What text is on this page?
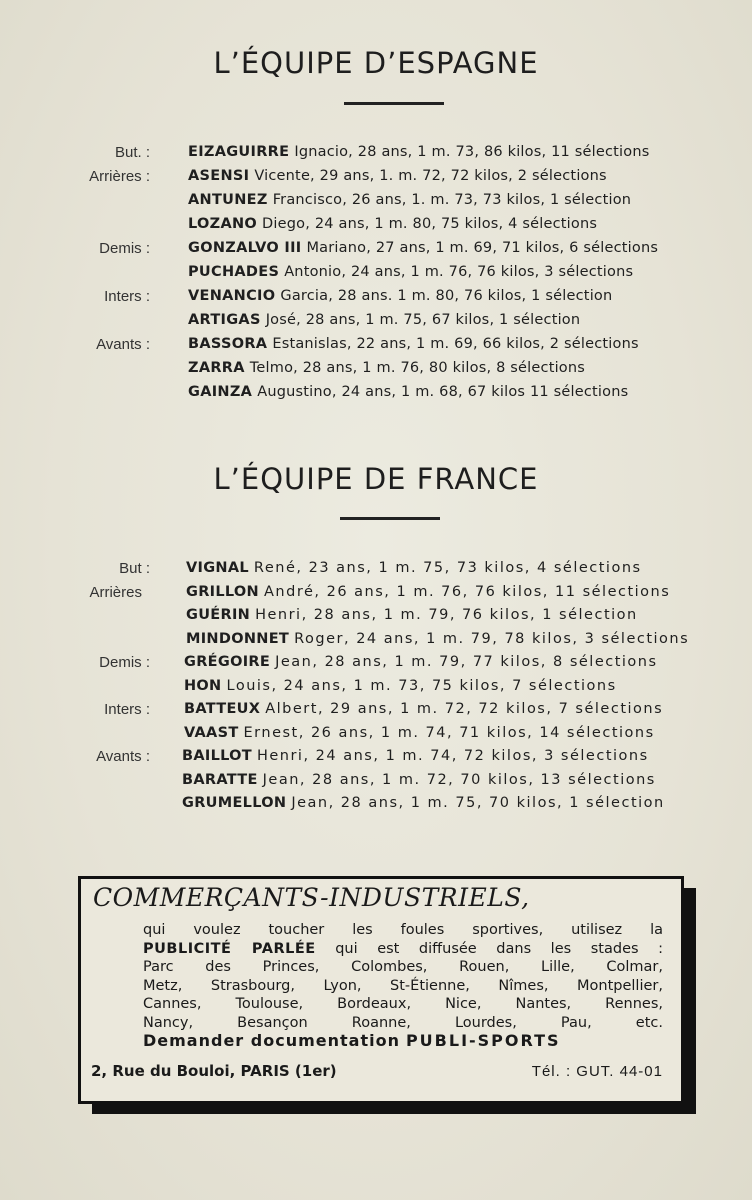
L’ÉQUIPE D’ESPAGNE
But. :	EIZAGUIRRE Ignacio, 28 ans, 1 m. 73, 86 kilos, 11 sélections
Arrières :	ASENSI Vicente, 29 ans, 1. m. 72, 72 kilos, 2 sélections
ANTUNEZ Francisco, 26 ans, 1. m. 73, 73 kilos, 1 sélection
LOZANO Diego, 24 ans, 1 m. 80, 75 kilos, 4 sélections
Demis :	GONZALVO III Mariano, 27 ans, 1 m. 69, 71 kilos, 6 sélections
PUCHADES Antonio, 24 ans, 1 m. 76, 76 kilos, 3 sélections
Inters :	VENANCIO Garcia, 28 ans. 1 m. 80, 76 kilos, 1 sélection
ARTIGAS José, 28 ans, 1 m. 75, 67 kilos, 1 sélection
Avants :	BASSORA Estanislas, 22 ans, 1 m. 69, 66 kilos, 2 sélections
ZARRA Telmo, 28 ans, 1 m. 76, 80 kilos, 8 sélections
GAINZA Augustino, 24 ans, 1 m. 68, 67 kilos 11 sélections
L’ÉQUIPE DE FRANCE
But : VIGNAL René, 23 ans, 1 m. 75, 73 kilos, 4 sélections
Arrières	GRILLON André, 26 ans, 1 m. 76, 76 kilos, 11 sélections
GUÉRIN Henri, 28 ans, 1 m. 79, 76 kilos, 1 sélection
MINDONNET Roger, 24 ans, 1 m. 79, 78 kilos, 3 sélections
Demis : GRÉGOIRE Jean, 28 ans, 1 m. 79, 77 kilos, 8 sélections
HON Louis, 24 ans, 1 m. 73, 75 kilos, 7 sélections
Inters : BATTEUX Albert, 29 ans, 1 m. 72, 72 kilos, 7 sélections
VAAST Ernest, 26 ans, 1 m. 74, 71 kilos, 14 sélections
Avants : BAILLOT Henri, 24 ans, 1 m. 74, 72 kilos, 3 sélections
BARATTE Jean, 28 ans, 1 m. 72, 70 kilos, 13 sélections
GRUMELLON Jean, 28 ans, 1 m. 75, 70 kilos, 1 sélection
COMMERÇANTS-INDUSTRIELS,
qui voulez toucher les foules sportives, utilisez la
PUBLICITÉ PARLÉE qui est diffusée dans les stades :
Parc des Princes, Colombes, Rouen, Lille, Colmar,
Metz, Strasbourg, Lyon, St-Étienne, Nîmes, Montpellier,
Cannes, Toulouse, Bordeaux, Nice, Nantes, Rennes,
Nancy, Besançon Roanne, Lourdes, Pau, etc.
Demander documentation PUBLI-SPORTS
2, Rue du Bouloi, PARIS (1er)	Tél. : GUT. 44-01
